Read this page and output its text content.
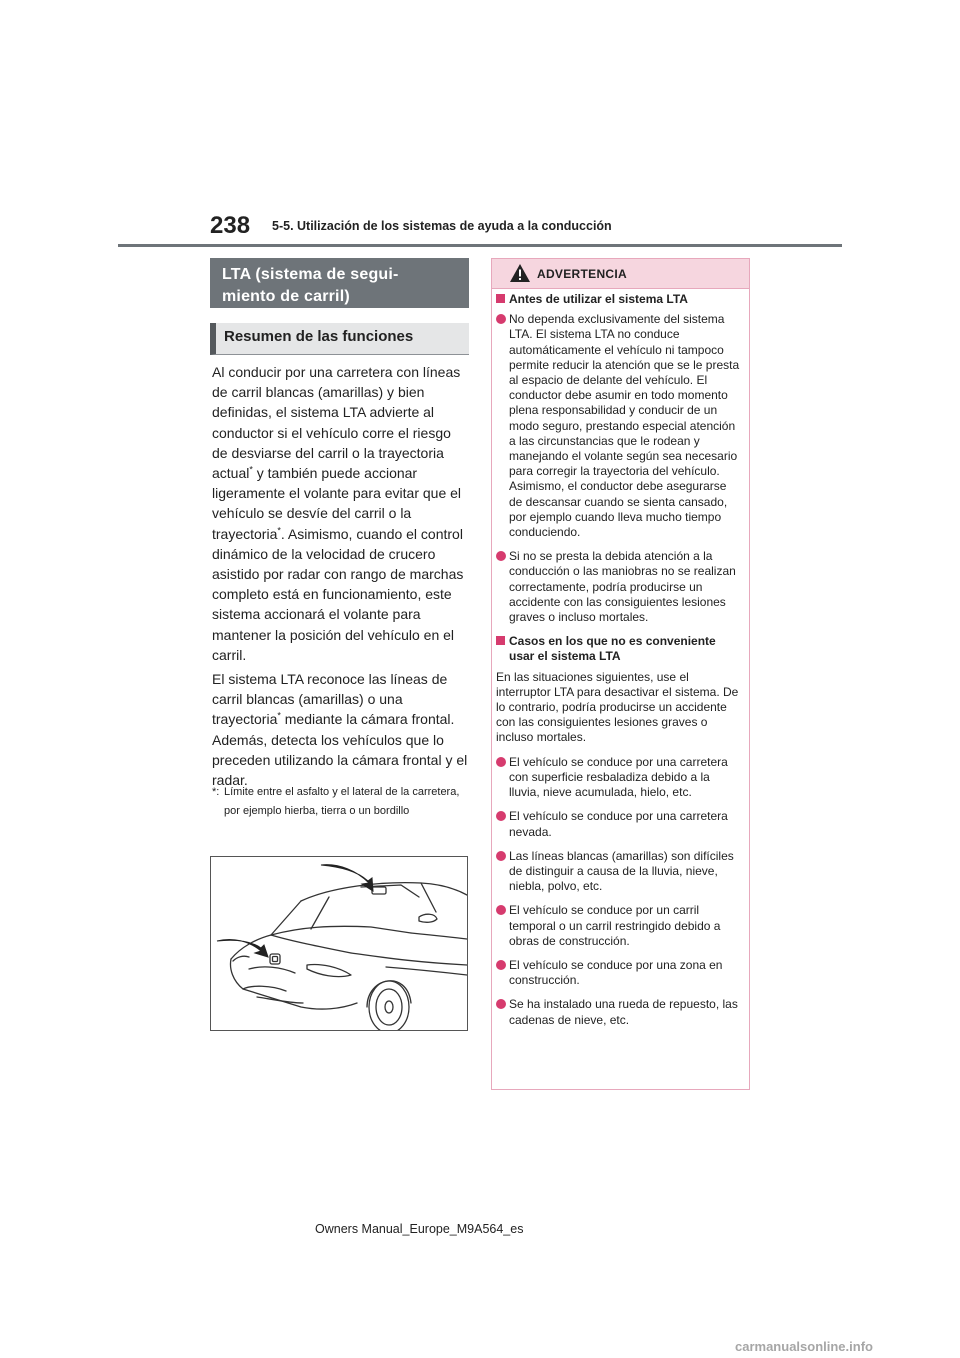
238 5-5. Utilización de los sistemas de ayuda a la conducción
LTA (sistema de segui-
miento de carril)
Resumen de las funciones

Al conducir por una carretera con líneas de carril blancas (amarillas) y bien definidas, el sistema LTA advierte al conductor si el vehículo corre el riesgo de desviarse del carril o la trayectoria actual* y también puede accionar ligeramente el volante para evitar que el vehículo se desvíe del carril o la trayectoria*. Asimismo, cuando el control dinámico de la velocidad de crucero asistido por radar con rango de marchas completo está en funcionamiento, este sistema accionará el volante para mantener la posición del vehículo en el carril.

El sistema LTA reconoce las líneas de carril blancas (amarillas) o una trayectoria* mediante la cámara frontal. Además, detecta los vehículos que lo preceden utilizando la cámara frontal y el radar.

*: Límite entre el asfalto y el lateral de la carretera, por ejemplo hierba, tierra o un bordillo
ADVERTENCIA
Antes de utilizar el sistema LTA
No dependa exclusivamente del sistema LTA. El sistema LTA no conduce automáticamente el vehículo ni tampoco permite reducir la atención que se le presta al espacio de delante del vehículo. El conductor debe asumir en todo momento plena responsabilidad y conducir de un modo seguro, prestando especial atención a las circunstancias que le rodean y manejando el volante según sea necesario para corregir la trayectoria del vehículo. Asimismo, el conductor debe asegurarse de descansar cuando se sienta cansado, por ejemplo cuando lleva mucho tiempo conduciendo.
Si no se presta la debida atención a la conducción o las maniobras no se realizan correctamente, podría producirse un accidente con las consiguientes lesiones graves o incluso mortales.
Casos en los que no es conveniente usar el sistema LTA
En las situaciones siguientes, use el interruptor LTA para desactivar el sistema. De lo contrario, podría producirse un accidente con las consiguientes lesiones graves o incluso mortales.
El vehículo se conduce por una carretera con superficie resbaladiza debido a la lluvia, nieve acumulada, hielo, etc.
El vehículo se conduce por una carretera nevada.
Las líneas blancas (amarillas) son difíciles de distinguir a causa de la lluvia, nieve, niebla, polvo, etc.
El vehículo se conduce por un carril temporal o un carril restringido debido a obras de construcción.
El vehículo se conduce por una zona en construcción.
Se ha instalado una rueda de repuesto, las cadenas de nieve, etc.
Owners Manual_Europe_M9A564_es
carmanualsonline.info
